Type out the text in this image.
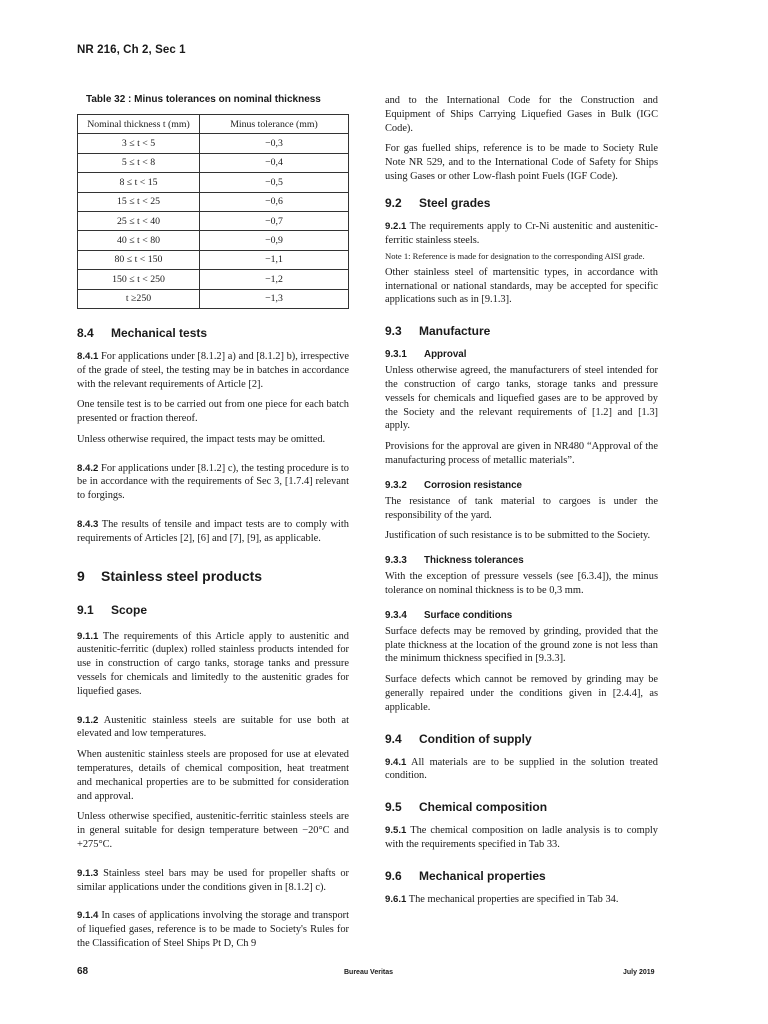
NR 216, Ch 2, Sec 1
Table 32 : Minus tolerances on nominal thickness
Nominal thickness t (mm)	Minus tolerance (mm)
3 ≤ t < 5	−0,3
5 ≤ t < 8	−0,4
8 ≤ t < 15	−0,5
15 ≤ t < 25	−0,6
25 ≤ t < 40	−0,7
40 ≤ t < 80	−0,9
80 ≤ t < 150	−1,1
150 ≤ t < 250	−1,2
t ≥250	−1,3
8.4 Mechanical tests

8.4.1 For applications under [8.1.2] a) and [8.1.2] b), irrespective of the grade of steel, the testing may be in batches in accordance with the relevant requirements of Article [2].

One tensile test is to be carried out from one piece for each batch presented or fraction thereof.

Unless otherwise required, the impact tests may be omitted.

8.4.2 For applications under [8.1.2] c), the testing procedure is to be in accordance with the requirements of Sec 3, [1.7.4] relevant to forgings.

8.4.3 The results of tensile and impact tests are to comply with requirements of Articles [2], [6] and [7], [9], as applicable.

9 Stainless steel products
9.1 Scope

9.1.1 The requirements of this Article apply to austenitic and austenitic-ferritic (duplex) rolled stainless products intended for use in construction of cargo tanks, storage tanks and pressure vessels for chemicals and limitedly to the austenitic grades for liquefied gases.

9.1.2 Austenitic stainless steels are suitable for use both at elevated and low temperatures.

When austenitic stainless steels are proposed for use at elevated temperatures, details of chemical composition, heat treatment and mechanical properties are to be submitted for consideration and approval.

Unless otherwise specified, austenitic-ferritic stainless steels are in general suitable for design temperature between −20°C and +275°C.

9.1.3 Stainless steel bars may be used for propeller shafts or similar applications under the conditions given in [8.1.2] c).

9.1.4 In cases of applications involving the storage and transport of liquefied gases, reference is to be made to Society's Rules for the Classification of Steel Ships Pt D, Ch 9

and to the International Code for the Construction and Equipment of Ships Carrying Liquefied Gases in Bulk (IGC Code).

For gas fuelled ships, reference is to be made to Society Rule Note NR 529, and to the International Code of Safety for Ships using Gases or other Low-flash point Fuels (IGF Code).

9.2 Steel grades

9.2.1 The requirements apply to Cr-Ni austenitic and austenitic-ferritic stainless steels.

Note 1: Reference is made for designation to the corresponding AISI grade.

Other stainless steel of martensitic types, in accordance with international or national standards, may be accepted for specific applications such as in [9.1.3].

9.3 Manufacture
9.3.1 Approval

Unless otherwise agreed, the manufacturers of steel intended for the construction of cargo tanks, storage tanks and pressure vessels for chemicals and liquefied gases are to be approved by the Society and the relevant requirements of [1.2] and [1.3] apply.

Provisions for the approval are given in NR480 “Approval of the manufacturing process of metallic materials”.

9.3.2 Corrosion resistance

The resistance of tank material to cargoes is under the responsibility of the yard.

Justification of such resistance is to be submitted to the Society.

9.3.3 Thickness tolerances

With the exception of pressure vessels (see [6.3.4]), the minus tolerance on nominal thickness is to be 0,3 mm.

9.3.4 Surface conditions

Surface defects may be removed by grinding, provided that the plate thickness at the location of the ground zone is not less than the minimum thickness specified in [9.3.3].

Surface defects which cannot be removed by grinding may be generally repaired under the conditions given in [2.4.4], as applicable.

9.4 Condition of supply

9.4.1 All materials are to be supplied in the solution treated condition.

9.5 Chemical composition

9.5.1 The chemical composition on ladle analysis is to comply with the requirements specified in Tab 33.

9.6 Mechanical properties

9.6.1 The mechanical properties are specified in Tab 34.

68	Bureau Veritas	July 2019
